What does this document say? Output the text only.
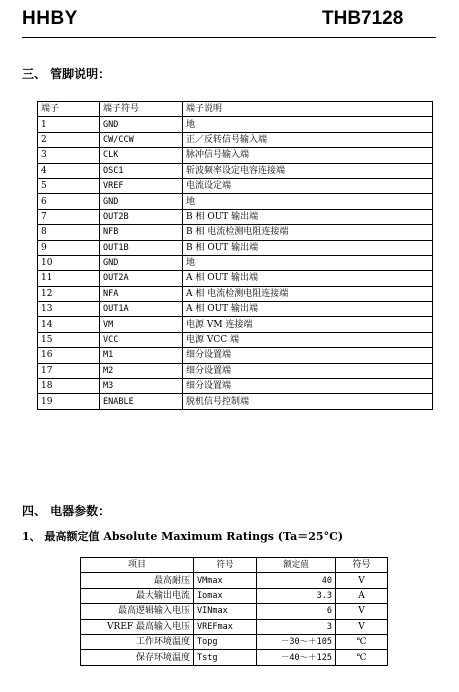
HHBY	THB7128
三、 管脚说明：
端子	端子符号	端子说明
1	GND	地
2	CW/CCW	正／反转信号输入端
3	CLK	脉冲信号输入端
4	OSC1	斩波频率设定电容连接端
5	VREF	电流设定端
6	GND	地
7	OUT2B	B 相 OUT 输出端
8	NFB	B 相 电流检测电阻连接端
9	OUT1B	B 相 OUT 输出端
10	GND	地
11	OUT2A	A 相 OUT 输出端
12	NFA	A 相 电流检测电阻连接端
13	OUT1A	A 相 OUT 输出端
14	VM	电源 VM 连接端
15	VCC	电源 VCC 端
16	M1	细分设置端
17	M2	细分设置端
18	M3	细分设置端
19	ENABLE	脱机信号控制端
四、 电器参数：
1、 最高额定值 Absolute Maximum Ratings (Ta＝25°C)
项目	符号	额定值	符号
最高耐压	VMmax	40	V
最大输出电流	Iomax	3.3	A
最高逻辑输入电压	VINmax	6	V
VREF 最高输入电压	VREFmax	3	V
工作环境温度	Topg	－30～＋105	℃
保存环境温度	Tstg	－40～＋125	℃
